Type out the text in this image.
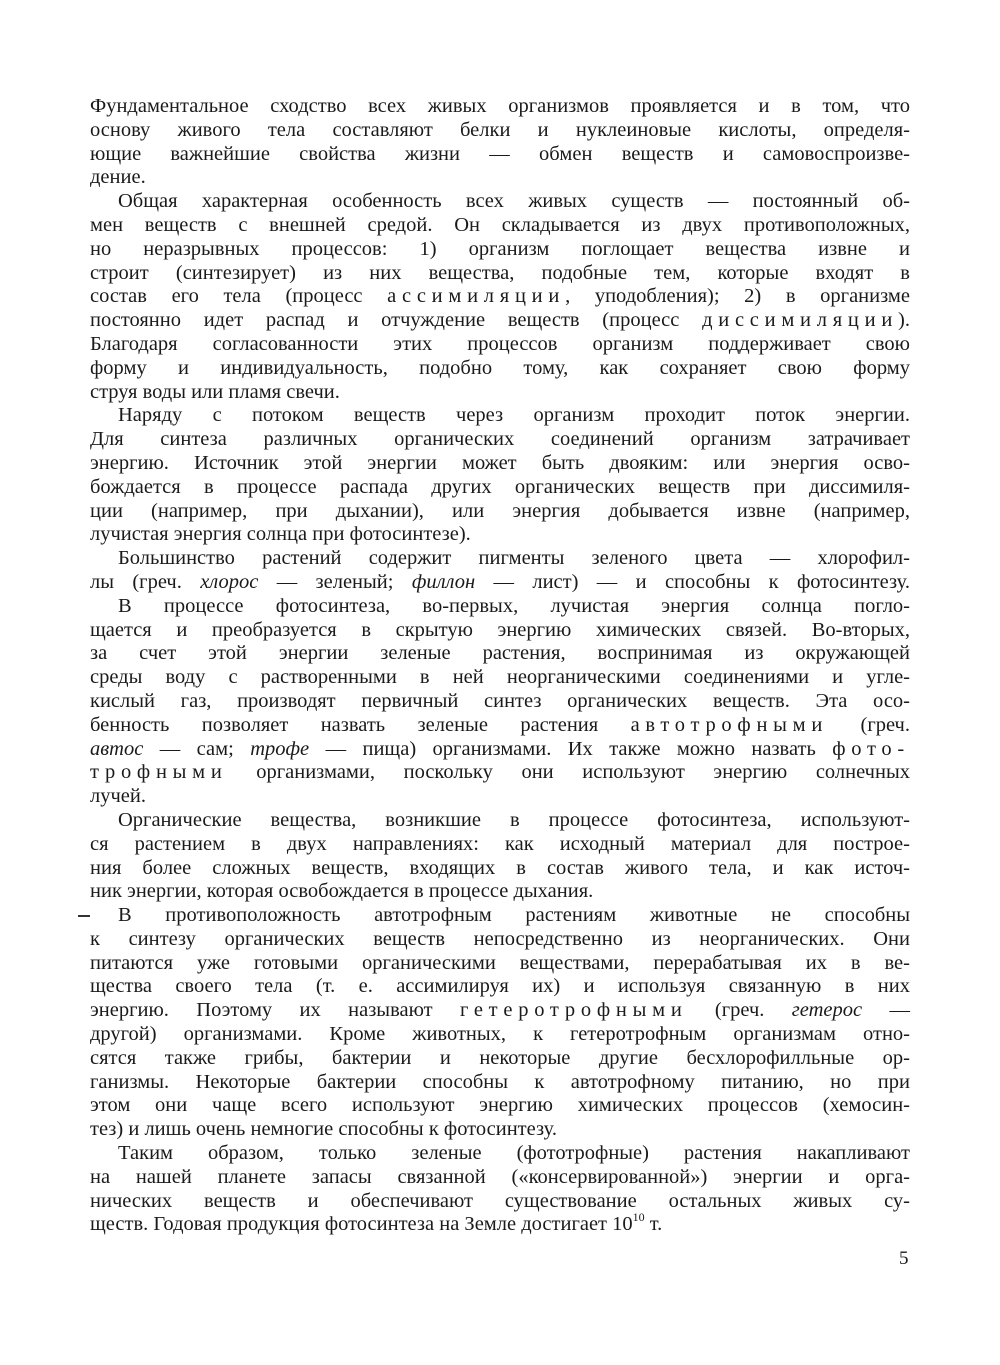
Фундаментальное сходство всех живых организмов проявляется и в том, что
основу живого тела составляют белки и нуклеиновые кислоты, определя-
ющие важнейшие свойства жизни — обмен веществ и самовоспроизве-
дение.
Общая характерная особенность всех живых существ — постоянный об-
мен веществ с внешней средой. Он складывается из двух противоположных,
но неразрывных процессов: 1) организм поглощает вещества извне и
строит (синтезирует) из них вещества, подобные тем, которые входят в
состав его тела (процесс ассимиляции, уподобления); 2) в организме
постоянно идет распад и отчуждение веществ (процесс диссимиляции).
Благодаря согласованности этих процессов организм поддерживает свою
форму и индивидуальность, подобно тому, как сохраняет свою форму
струя воды или пламя свечи.
Наряду с потоком веществ через организм проходит поток энергии.
Для синтеза различных органических соединений организм затрачивает
энергию. Источник этой энергии может быть двояким: или энергия осво-
бождается в процессе распада других органических веществ при диссимиля-
ции (например, при дыхании), или энергия добывается извне (например,
лучистая энергия солнца при фотосинтезе).
Большинство растений содержит пигменты зеленого цвета — хлорофил-
лы (греч. хлорос — зеленый; филлон — лист) — и способны к фотосинтезу.
В процессе фотосинтеза, во-первых, лучистая энергия солнца погло-
щается и преобразуется в скрытую энергию химических связей. Во-вторых,
за счет этой энергии зеленые растения, воспринимая из окружающей
среды воду с растворенными в ней неорганическими соединениями и угле-
кислый газ, производят первичный синтез органических веществ. Эта осо-
бенность позволяет назвать зеленые растения автотрофными (греч.
автос — сам; трофе — пища) организмами. Их также можно назвать фото-
трофными организмами, поскольку они используют энергию солнечных
лучей.
Органические вещества, возникшие в процессе фотосинтеза, используют-
ся растением в двух направлениях: как исходный материал для построе-
ния более сложных веществ, входящих в состав живого тела, и как источ-
ник энергии, которая освобождается в процессе дыхания.
В противоположность автотрофным растениям животные не способны
к синтезу органических веществ непосредственно из неорганических. Они
питаются уже готовыми органическими веществами, перерабатывая их в ве-
щества своего тела (т. е. ассимилируя их) и используя связанную в них
энергию. Поэтому их называют гетеротрофными (греч. гетерос —
другой) организмами. Кроме животных, к гетеротрофным организмам отно-
сятся также грибы, бактерии и некоторые другие бесхлорофилльные ор-
ганизмы. Некоторые бактерии способны к автотрофному питанию, но при
этом они чаще всего используют энергию химических процессов (хемосин-
тез) и лишь очень немногие способны к фотосинтезу.
Таким образом, только зеленые (фототрофные) растения накапливают
на нашей планете запасы связанной («консервированной») энергии и орга-
нических веществ и обеспечивают существование остальных живых су-
ществ. Годовая продукция фотосинтеза на Земле достигает $10^{10}$ т.
5
